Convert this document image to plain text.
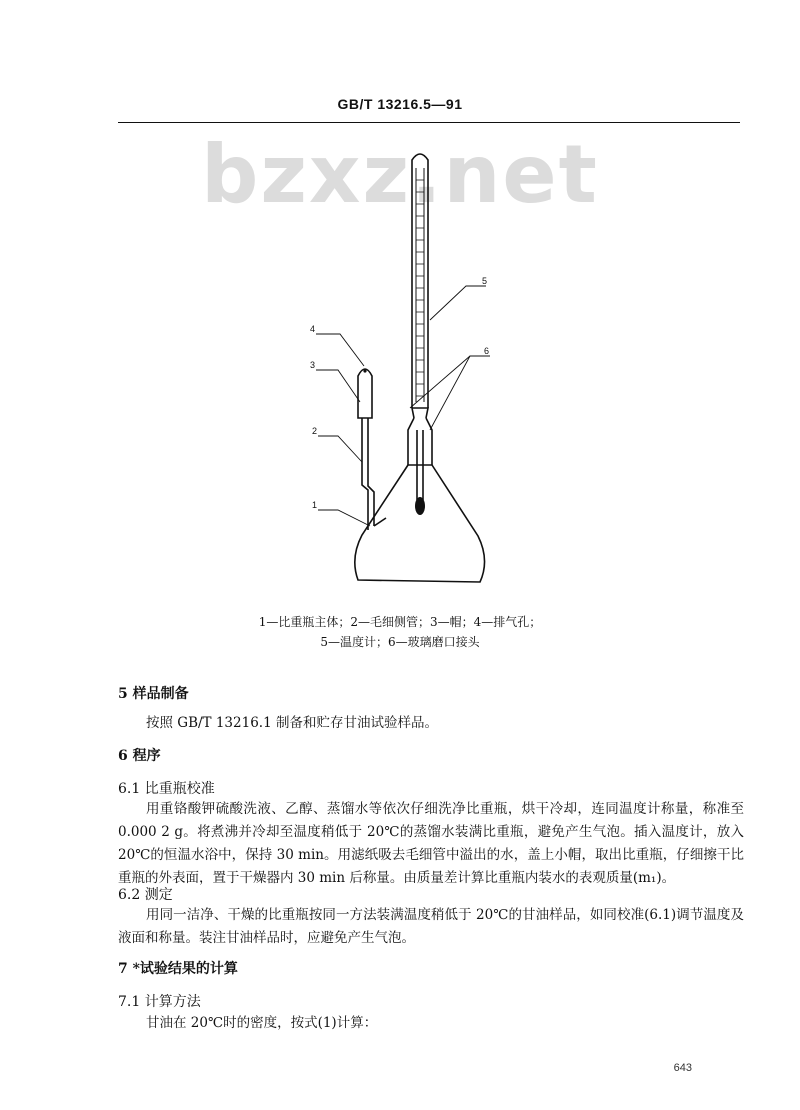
GB/T 13216.5—91
bzxz.net
1
2
3
4
5
6
1—比重瓶主体；2—毛细侧管；3—帽；4—排气孔；
5—温度计；6—玻璃磨口接头
5 样品制备
按照 GB/T 13216.1 制备和贮存甘油试验样品。
6 程序
6.1 比重瓶校准
用重铬酸钾硫酸洗液、乙醇、蒸馏水等依次仔细洗净比重瓶，烘干冷却，连同温度计称量，称准至 0.000 2 g。将煮沸并冷却至温度稍低于 20℃的蒸馏水装满比重瓶，避免产生气泡。插入温度计，放入 20℃的恒温水浴中，保持 30 min。用滤纸吸去毛细管中溢出的水，盖上小帽，取出比重瓶，仔细擦干比重瓶的外表面，置于干燥器内 30 min 后称量。由质量差计算比重瓶内装水的表观质量(m₁)。
6.2 测定
用同一洁净、干燥的比重瓶按同一方法装满温度稍低于 20℃的甘油样品，如同校准(6.1)调节温度及液面和称量。装注甘油样品时，应避免产生气泡。
7 *试验结果的计算
7.1 计算方法
甘油在 20℃时的密度，按式(1)计算：
643
